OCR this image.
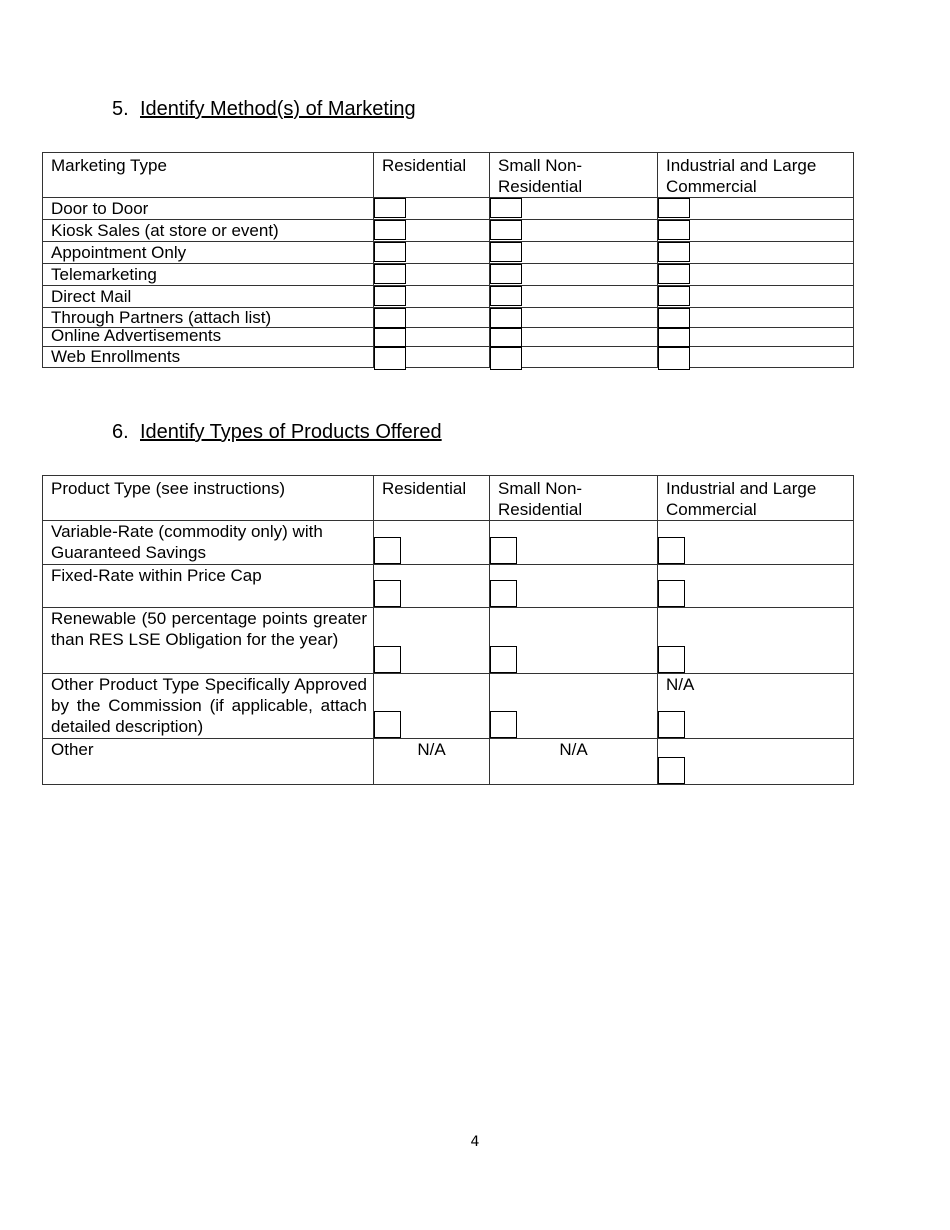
5. Identify Method(s) of Marketing
Marketing Type	Residential	Small Non-Residential	Industrial and Large Commercial
Door to Door	

Kiosk Sales (at store or event)	

Appointment Only	

Telemarketing	

Direct Mail	

Through Partners (attach list)	

Online Advertisements	

Web Enrollments	

6. Identify Types of Products Offered
Product Type (see instructions)	Residential	Small Non-Residential	Industrial and Large Commercial
Variable-Rate (commodity only) with Guaranteed Savings	

Fixed-Rate within Price Cap	

Renewable (50 percentage points greater than RES LSE Obligation for the year)	

Other Product Type Specifically Approved by the Commission (if applicable, attach detailed description)			N/A

Other	N/A	N/A	

4
